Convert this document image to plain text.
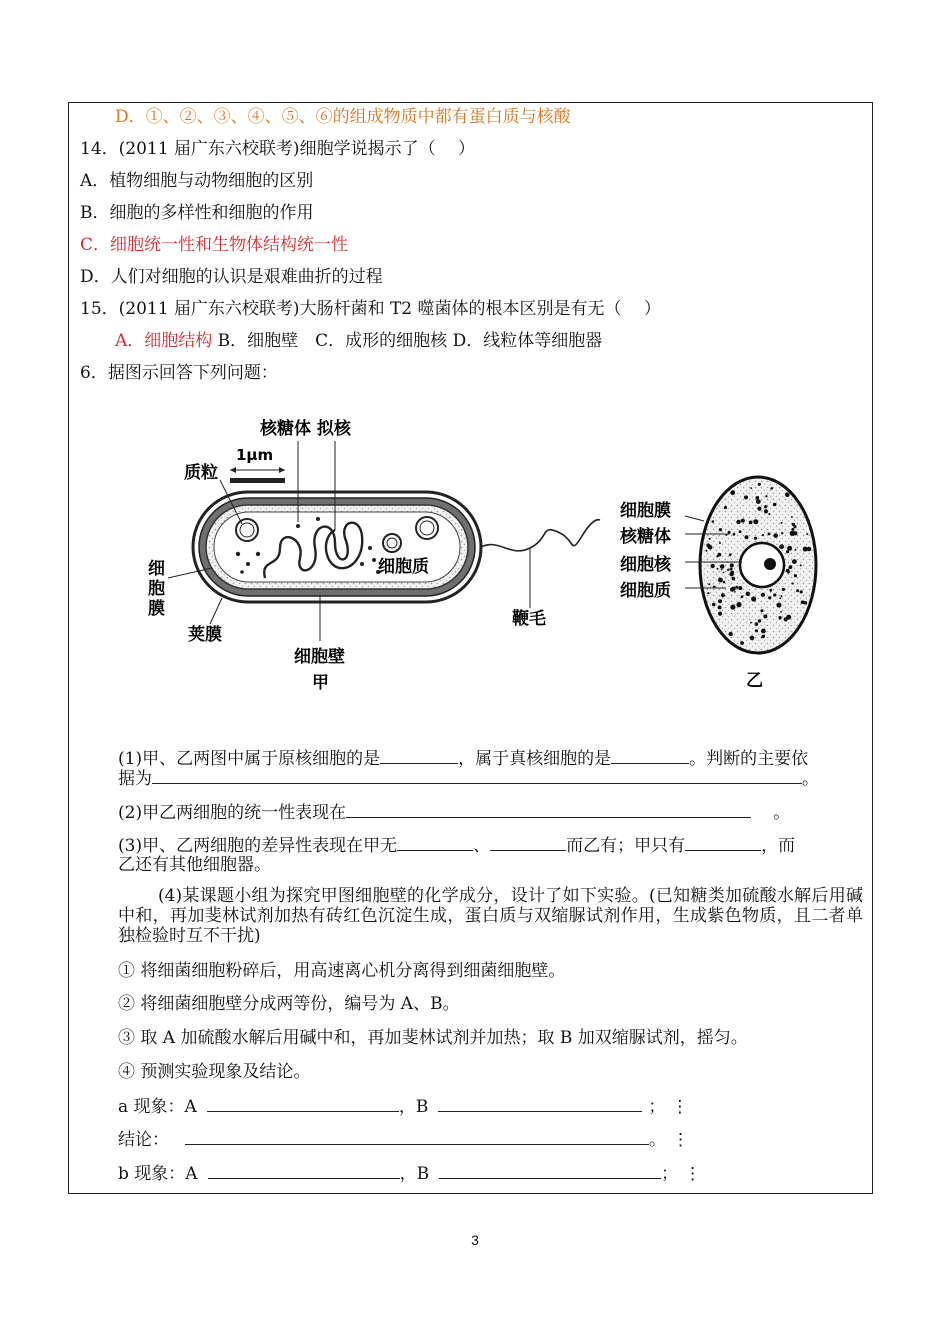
D．①、②、③、④、⑤、⑥的组成物质中都有蛋白质与核酸
14．(2011 届广东六校联考)细胞学说揭示了（　 ）
A．植物细胞与动物细胞的区别
B．细胞的多样性和细胞的作用
C．细胞统一性和生物体结构统一性
D．人们对细胞的认识是艰难曲折的过程
15．(2011 届广东六校联考)大肠杆菌和 T2 噬菌体的根本区别是有无（　 ）
A．细胞结构 B．细胞壁　C．成形的细胞核 D．线粒体等细胞器
6．据图示回答下列问题：
1μm
核糖体 拟核
质粒
细
胞
膜
细胞质
荚膜
鞭毛
细胞壁
甲
细胞膜
核糖体
细胞核
细胞质
乙
(1)甲、乙两图中属于原核细胞的是	，属于真核细胞的是	。判断的主要依
据为	。
(2)甲乙两细胞的统一性表现在	。
(3)甲、乙两细胞的差异性表现在甲无	、	而乙有；甲只有	，而
乙还有其他细胞器。
(4)某课题小组为探究甲图细胞壁的化学成分，设计了如下实验。(已知糖类加硫酸水解后用碱中和，再加斐林试剂加热有砖红色沉淀生成，蛋白质与双缩脲试剂作用，生成紫色物质，且二者单独检验时互不干扰)
① 将细菌细胞粉碎后，用高速离心机分离得到细菌细胞壁。
② 将细菌细胞壁分成两等份，编号为 A、B。
③ 取 A 加硫酸水解后用碱中和，再加斐林试剂并加热；取 B 加双缩脲试剂，摇匀。
④ 预测实验现象及结论。
a 现象：A	，B	； ⋮
结论：	。 ⋮
b 现象：A	，B	； ⋮
3
